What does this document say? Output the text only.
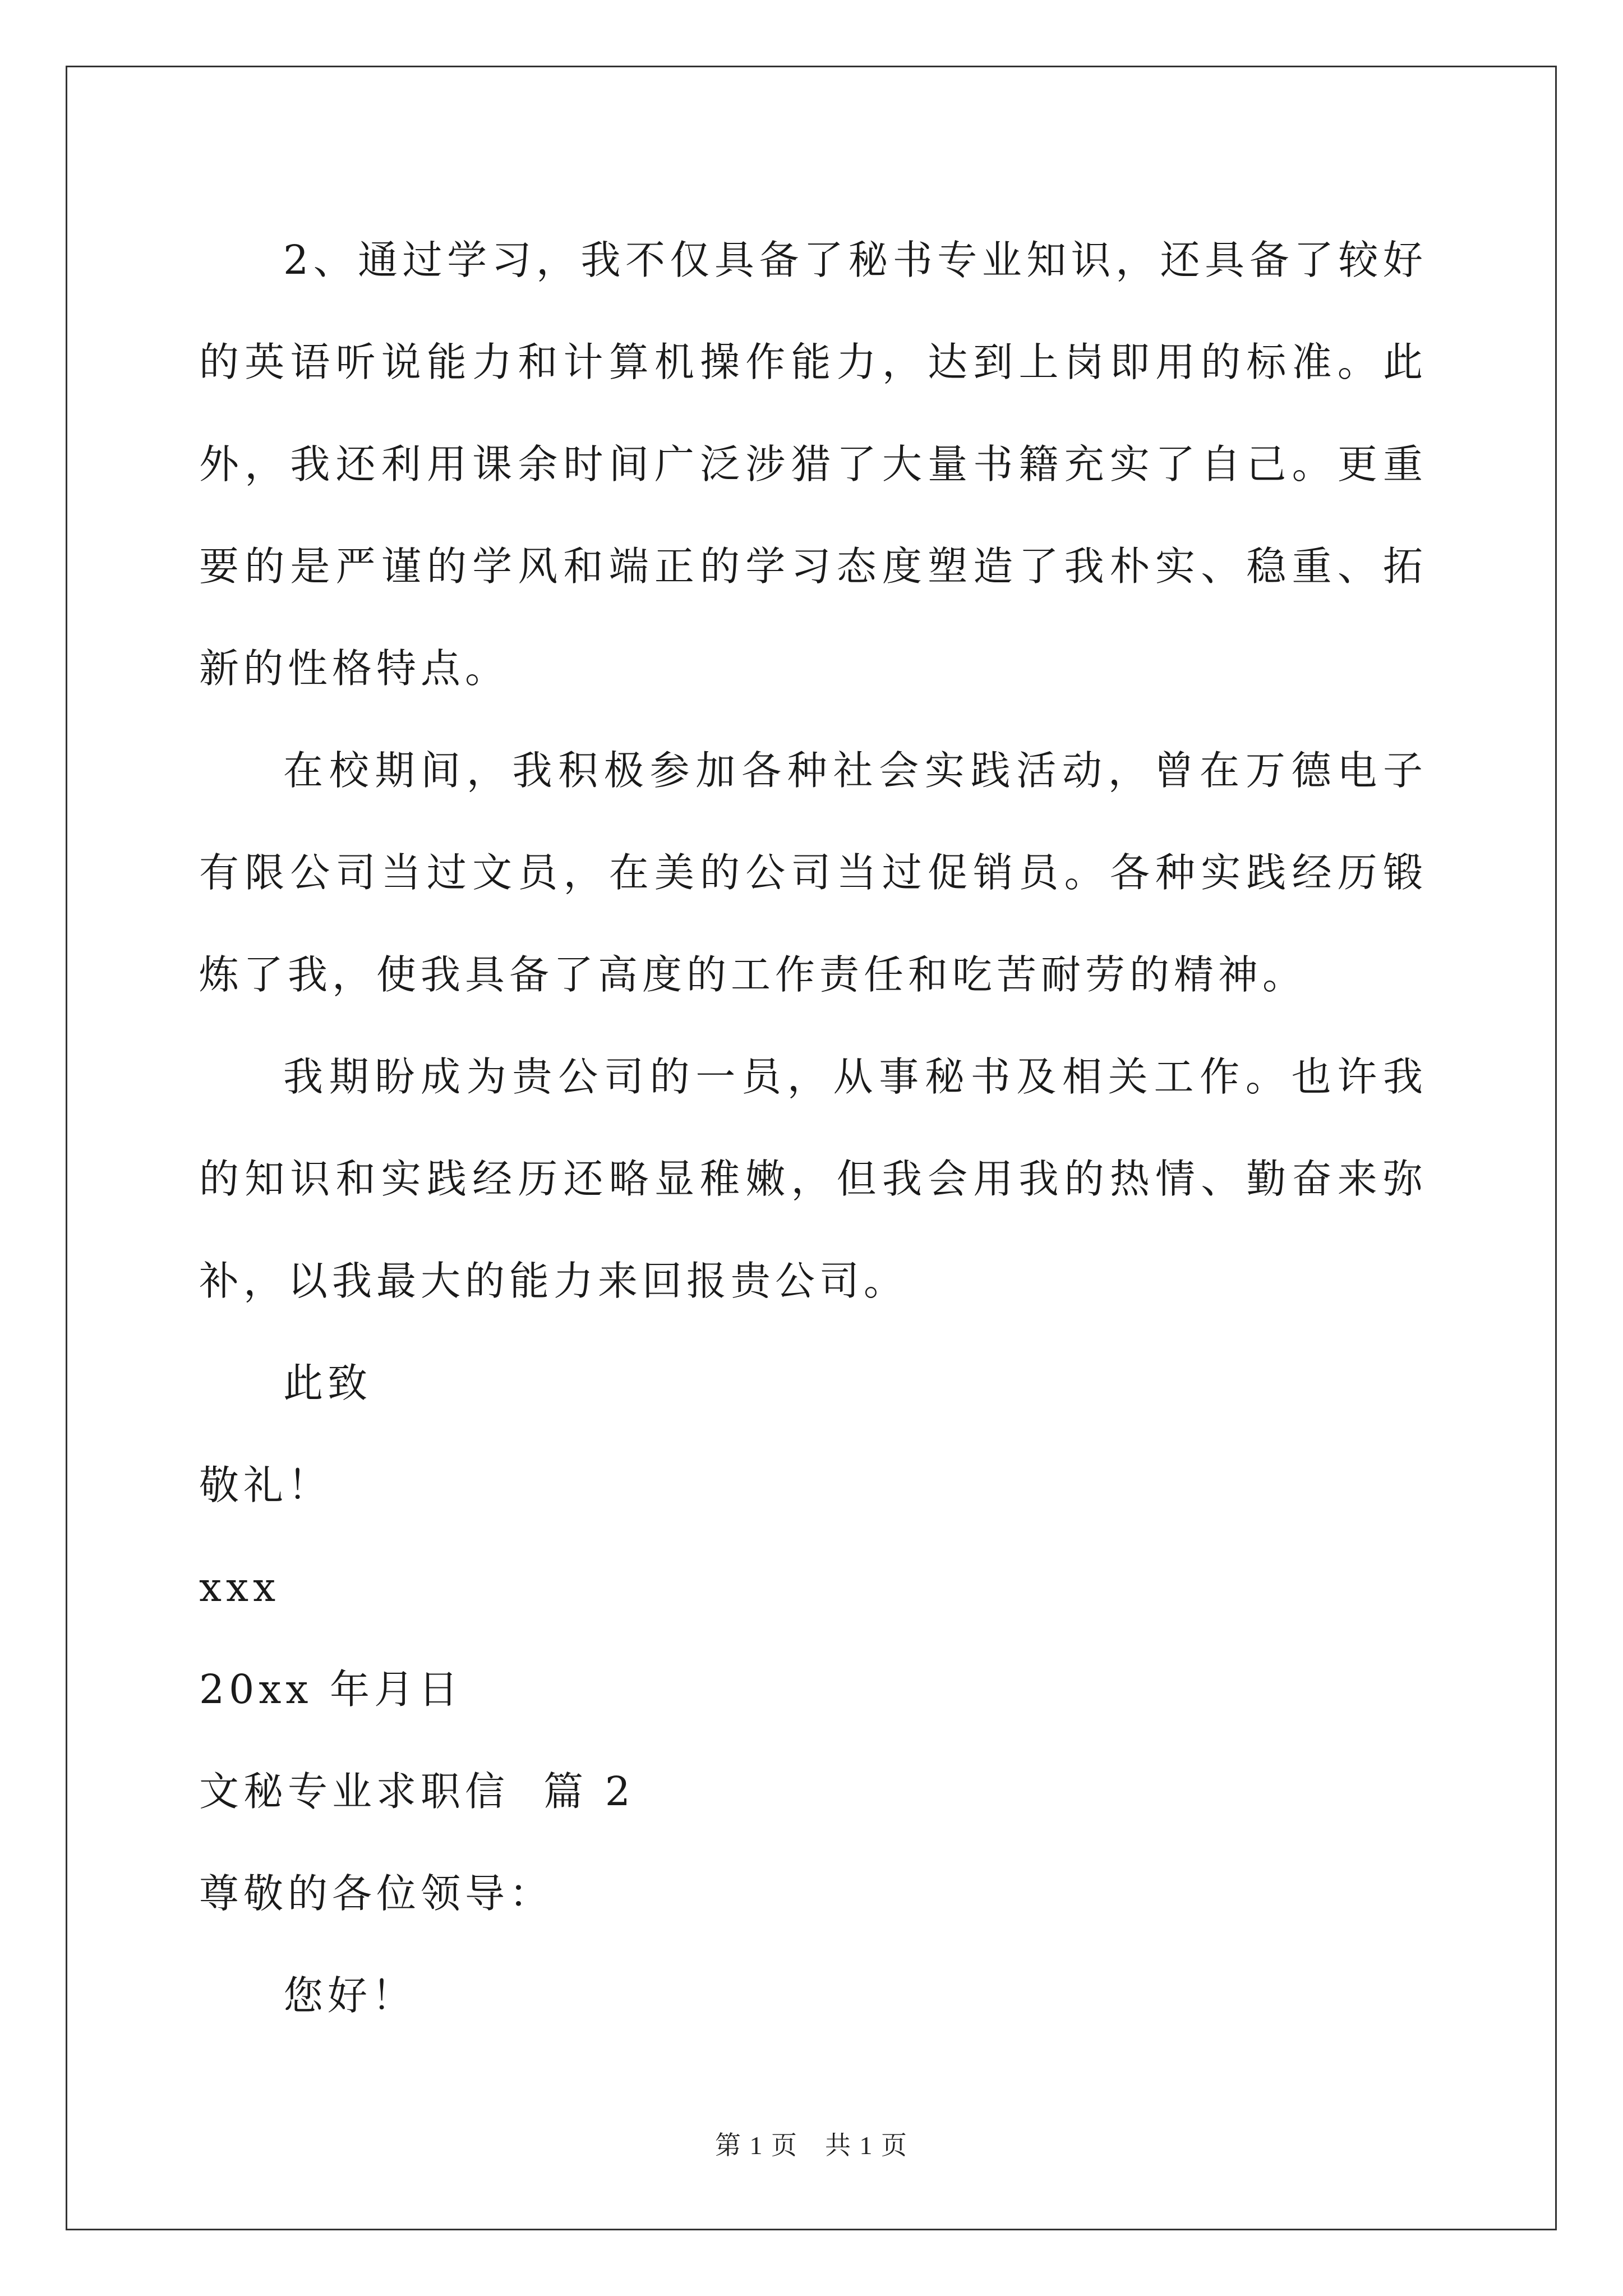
2、通过学习，我不仅具备了秘书专业知识，还具备了较好的英语听说能力和计算机操作能力，达到上岗即用的标准。此外，我还利用课余时间广泛涉猎了大量书籍充实了自己。更重要的是严谨的学风和端正的学习态度塑造了我朴实、稳重、拓新的性格特点。

在校期间，我积极参加各种社会实践活动，曾在万德电子有限公司当过文员，在美的公司当过促销员。各种实践经历锻炼了我，使我具备了高度的工作责任和吃苦耐劳的精神。

我期盼成为贵公司的一员，从事秘书及相关工作。也许我的知识和实践经历还略显稚嫩，但我会用我的热情、勤奋来弥补，以我最大的能力来回报贵公司。

此致

敬礼！

xxx

20xx 年月日

文秘专业求职信  篇 2

尊敬的各位领导：

您好！

第 1 页 共 1 页
